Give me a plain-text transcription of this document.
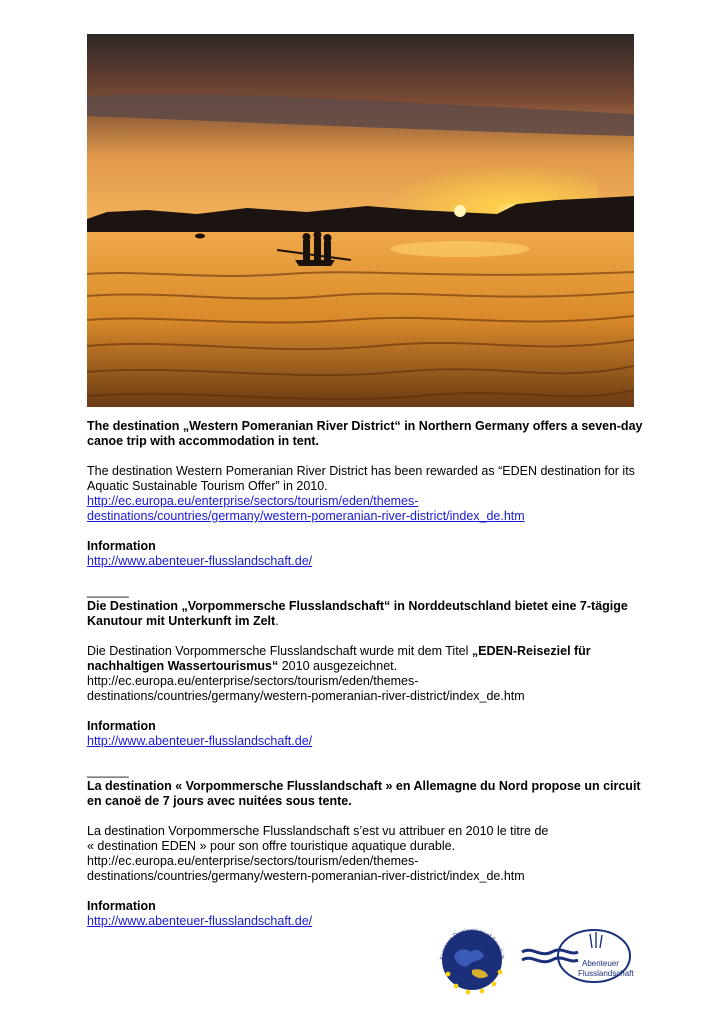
The destination „Western Pomeranian River District“ in Northern Germany offers a seven-day canoe trip with accommodation in tent.

The destination Western Pomeranian River District has been rewarded as “EDEN destination for its Aquatic Sustainable Tourism Offer” in 2010.

http://ec.europa.eu/enterprise/sectors/tourism/eden/themes-

destinations/countries/germany/western-pomeranian-river-district/index_de.htm

Information

http://www.abenteuer-flusslandschaft.de/

______

Die Destination „Vorpommersche Flusslandschaft“ in Norddeutschland bietet eine 7-tägige Kanutour mit Unterkunft im Zelt.

Die Destination Vorpommersche Flusslandschaft wurde mit dem Titel „EDEN-Reiseziel für nachhaltigen Wassertourismus“ 2010 ausgezeichnet.

http://ec.europa.eu/enterprise/sectors/tourism/eden/themes-

destinations/countries/germany/western-pomeranian-river-district/index_de.htm

Information

http://www.abenteuer-flusslandschaft.de/

______

La destination « Vorpommersche Flusslandschaft » en Allemagne du Nord propose un circuit en canoë de 7 jours avec nuitées sous tente.

La destination Vorpommersche Flusslandschaft s’est vu attribuer en 2010 le titre de

« destination EDEN » pour son offre touristique aquatique durable.

http://ec.europa.eu/enterprise/sectors/tourism/eden/themes-

destinations/countries/germany/western-pomeranian-river-district/index_de.htm

Information

http://www.abenteuer-flusslandschaft.de/

European Destinations of ExcelleN
Abenteuer
Flusslandschaft
